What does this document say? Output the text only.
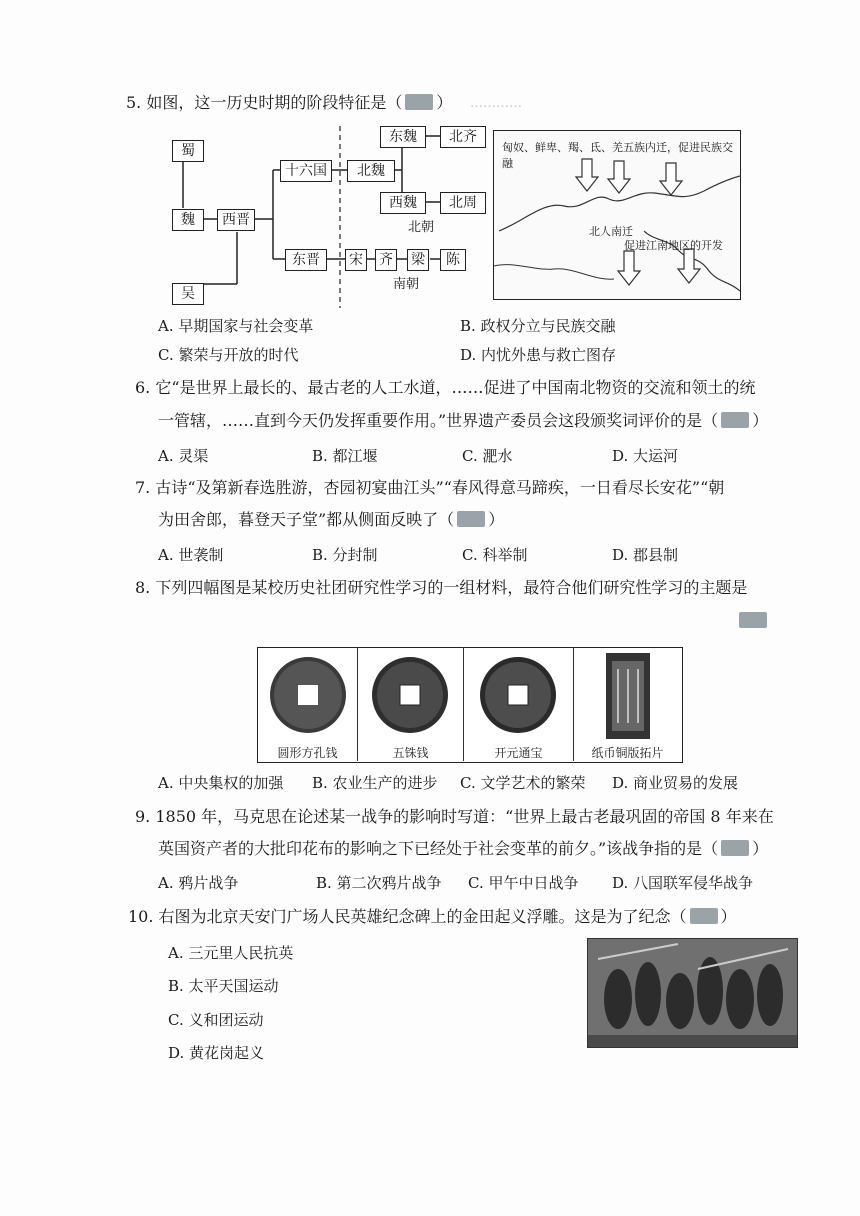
…………
5. 如图，这一历史时期的阶段特征是（ ）
蜀
魏
吴
西晋
十六国
东晋
北魏
东魏	北齐
西魏	北周
北朝
宋 齐 梁	陈
南朝
匈奴、鲜卑、羯、氐、羌五族内迁，促进民族交融
北人南迁
促进江南地区的开发
A. 早期国家与社会变革	B. 政权分立与民族交融
C. 繁荣与开放的时代	D. 内忧外患与救亡图存
6. 它“是世界上最长的、最古老的人工水道，……促进了中国南北物资的交流和领土的统
一管辖，……直到今天仍发挥重要作用。”世界遗产委员会这段颁奖词评价的是（ ）
A. 灵渠	B. 都江堰	C. 淝水	D. 大运河
7. 古诗“及第新春选胜游，杏园初宴曲江头”“春风得意马蹄疾，一日看尽长安花”“朝
为田舍郎，暮登天子堂”都从侧面反映了（ ）
A. 世袭制	B. 分封制	C. 科举制	D. 郡县制
8. 下列四幅图是某校历史社团研究性学习的一组材料，最符合他们研究性学习的主题是
圆形方孔钱	五铢钱	开元通宝	纸币铜版拓片
A. 中央集权的加强 B. 农业生产的进步 C. 文学艺术的繁荣 D. 商业贸易的发展
9. 1850 年，马克思在论述某一战争的影响时写道：“世界上最古老最巩固的帝国 8 年来在
英国资产者的大批印花布的影响之下已经处于社会变革的前夕。”该战争指的是（ ）
A. 鸦片战争	B. 第二次鸦片战争 C. 甲午中日战争 D. 八国联军侵华战争
10. 右图为北京天安门广场人民英雄纪念碑上的金田起义浮雕。这是为了纪念（ ）
A. 三元里人民抗英
B. 太平天国运动
C. 义和团运动
D. 黄花岗起义
